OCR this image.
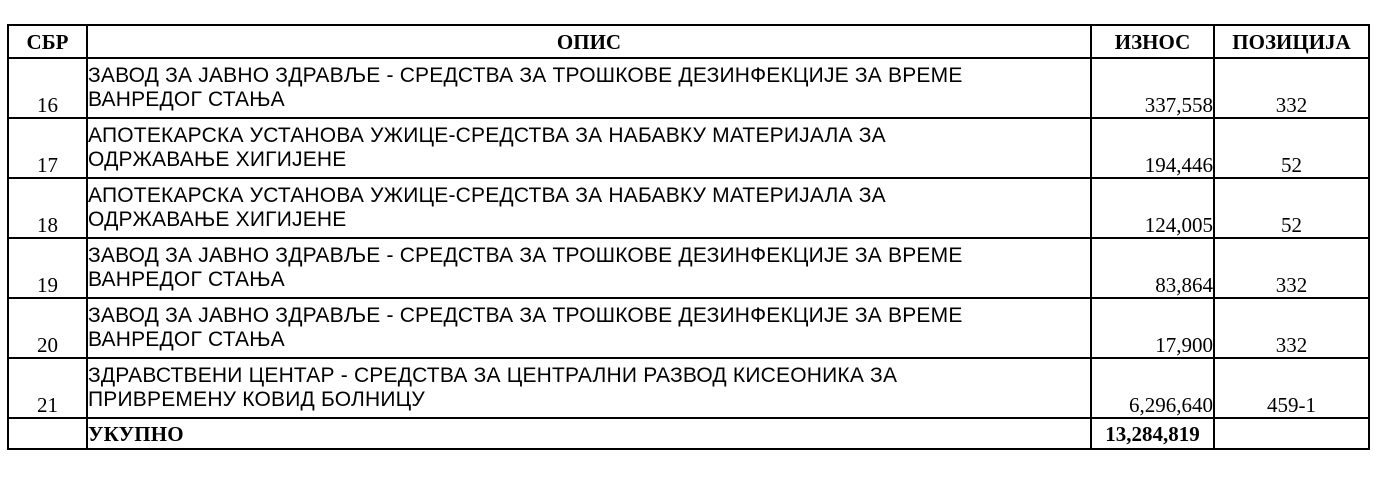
СБР	ОПИС	ИЗНОС	ПОЗИЦИЈА
16	ЗАВОД ЗА ЈАВНО ЗДРАВЉЕ - СРЕДСТВА ЗА ТРОШКОВЕ ДЕЗИНФЕКЦИЈЕ ЗА ВРЕМЕ
ВАНРЕДОГ СТАЊА	337,558	332
17	АПОТЕКАРСКА УСТАНОВА УЖИЦЕ-СРЕДСТВА ЗА НАБАВКУ МАТЕРИЈАЛА ЗА
ОДРЖАВАЊЕ ХИГИЈЕНЕ	194,446	52
18	АПОТЕКАРСКА УСТАНОВА УЖИЦЕ-СРЕДСТВА ЗА НАБАВКУ МАТЕРИЈАЛА ЗА
ОДРЖАВАЊЕ ХИГИЈЕНЕ	124,005	52
19	ЗАВОД ЗА ЈАВНО ЗДРАВЉЕ - СРЕДСТВА ЗА ТРОШКОВЕ ДЕЗИНФЕКЦИЈЕ ЗА ВРЕМЕ
ВАНРЕДОГ СТАЊА	83,864	332
20	ЗАВОД ЗА ЈАВНО ЗДРАВЉЕ - СРЕДСТВА ЗА ТРОШКОВЕ ДЕЗИНФЕКЦИЈЕ ЗА ВРЕМЕ
ВАНРЕДОГ СТАЊА	17,900	332
21	ЗДРАВСТВЕНИ ЦЕНТАР - СРЕДСТВА ЗА ЦЕНТРАЛНИ РАЗВОД КИСЕОНИКА ЗА
ПРИВРЕМЕНУ КОВИД БОЛНИЦУ	6,296,640	459-1
	УКУПНО	13,284,819	
